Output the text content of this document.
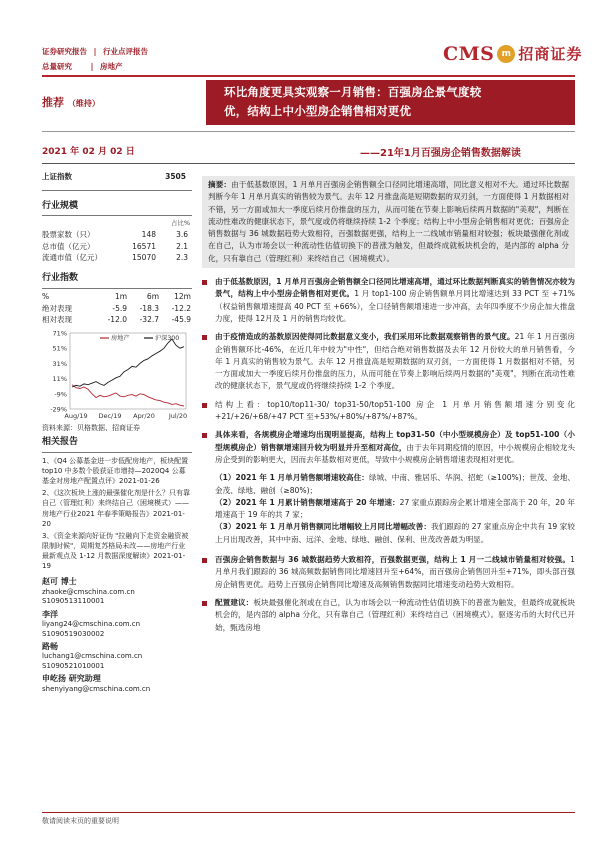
证券研究报告 | 行业点评报告
总量研究 | 房地产
CMS m 招商证券
推荐 （维持）
环比角度更具实观察一月销售：百强房企景气度较
优，结构上中小型房企销售相对更优
2021 年 02 月 02 日	——21年1月百强房企销售数据解读
上证指数	3505
行业规模
占比%
股票家数（只）	148	3.6
总市值（亿元）	16571	2.1
流通市值（亿元）	15070	2.3
行业指数
%	1m	6m	12m
绝对表现	-5.9	-18.3	-12.2
相对表现	-12.0	-32.7	-45.9
71%
51%
31%
11%
-9%
-29%
Aug/19 Dec/19 Apr/20 Jul/20
房地产	沪深300
资料来源：贝格数据、招商证券
相关报告
1、《Q4 公募基金进一步低配房地产，板块配置top10 中多数个股获证市增持—2020Q4 公募基金对房地产配置点评》2021-01-26
2、《这次板块上涨的最强催化剂是什么？只有靠自己（管理红利）来终结自己（困境模式）——房地产行业2021 年春季策略报告》2021-01-20
3、《资金来源向好证伪 "拉融向下走资金融资被限制时候"，周期复苏格局未改——房地产行业最新观点及 1-12 月数据深度解读》2021-01-19
赵可 博士
zhaoke@cmschina.com.cn
S1090513110001
李洋
liyang24@cmschina.com.cn
S1090519030002
路畅
luchang1@cmschina.com.cn
S1090521010001
申屹扬 研究助理
shenyiyang@cmschina.com.cn
摘要：由于低基数原因，1 月单月百强房企销售额全口径同比增速高增，同比意义相对不大。通过环比数据判断今年 1 月单月真实的销售较为景气。去年 12 月推盘高是短期数据的双刃剑，一方面使得 1 月数据相对不错，另一方面或加大一季度后续月份推盘的压力，从而可能在节奏上影响后续两月数据的"美观"，判断在流动性难改的健康状态下，景气度或仍将继续持续 1-2 个季度；结构上中小型房企销售相对更优；百强房企销售数据与 36 城数据趋势大致相符，百强数据更强，结构上一二线城市销量相对较强；板块最强催化剂或在自己，认为市场会以一种流动性估值切换下的普涨为触发，但最终成就板块机会的，是内部的 alpha 分化，只有靠自己（管理红利）来终结自己（困境模式）。
由于低基数原因，1 月单月百强房企销售额全口径同比增速高增，通过环比数据判断真实的销售情况亦较为景气，结构上中小型房企销售相对更优。1 月 top1-100 房企销售额单月同比增速达到 33 PCT 至 +71%（权益销售额增速提高 40 PCT 至 +66%），全口径销售额增速进一步冲高，去年四季度不少房企加大推盘力度，使得 12月及 1 月的销售均较优。
由于疫情造成的基数原因使得同比数据意义变小，我们采用环比数据观察销售的景气度。21 年 1 月百强房企销售额环比-46%，在近几年中较为"中性"，但结合绝对销售数据及去年 12 月份较大的单月销售看，今年 1 月真实的销售较为景气。去年 12 月推盘高是短期数据的双刃剑，一方面使得 1 月数据相对不错，另一方面或加大一季度后续月份推盘的压力，从而可能在节奏上影响后续两月数据的"美观"，判断在流动性难改的健康状态下，景气度或仍将继续持续 1-2 个季度。
结构上看：top10/top11-30/ top31-50/top51-100 房企 1 月单月销售额增速分别变化 +21/+26/+68/+47 PCT 至+53%/+80%/+87%/+87%。
具体来看，各规模房企增速均出现明显提高，结构上 top31-50（中小型规模房企）及 top51-100（小型规模房企）销售额增速回升较为明显并升至相对高位，由于去年同期疫情的原因，中小规模房企相较龙头房企受到的影响更大，因而去年基数相对更低，导致中小规模房企销售增速表现相对更优。
（1）2021 年 1 月单月销售额增速较高住：绿城、中南、雅居乐、华润、招蛇（≥100%)；世茂、金地、金茂、绿地、融创（≥80%)；
（2）2021 年 1 月累计销售额增速高于 20 年增速：27 家重点跟踪房企累计增速全部高于 20 年，20 年增速高于 19 年的共 7 家；
（3）2021 年 1 月单月销售额同比增幅较上月同比增幅改善：我们跟踪的 27 家重点房企中共有 19 家较上月出现改善，其中中南、远洋、金地、绿地、融创、保利、世茂改善最为明显。
百强房企销售数据与 36 城数据趋势大致相符，百强数据更强，结构上 1 月一二线城市销量相对较强。1 月单月我们跟踪的 36 城高频数据销售同比增速回升至+64%，而百强房企销售回升至+71%，即头部百强房企销售更优。趋势上百强房企销售同比增速及高频销售数据同比增速变动趋势大致相符。
配置建议：板块最强催化剂或在自己，认为市场会以一种流动性估值切换下的普涨为触发，但最终成就板块机会的，是内部的 alpha 分化，只有靠自己（管理红利）来终结自己（困境模式）。驱逐劣币的大时代已开始，甄选房地
敬请阅读末页的重要说明
